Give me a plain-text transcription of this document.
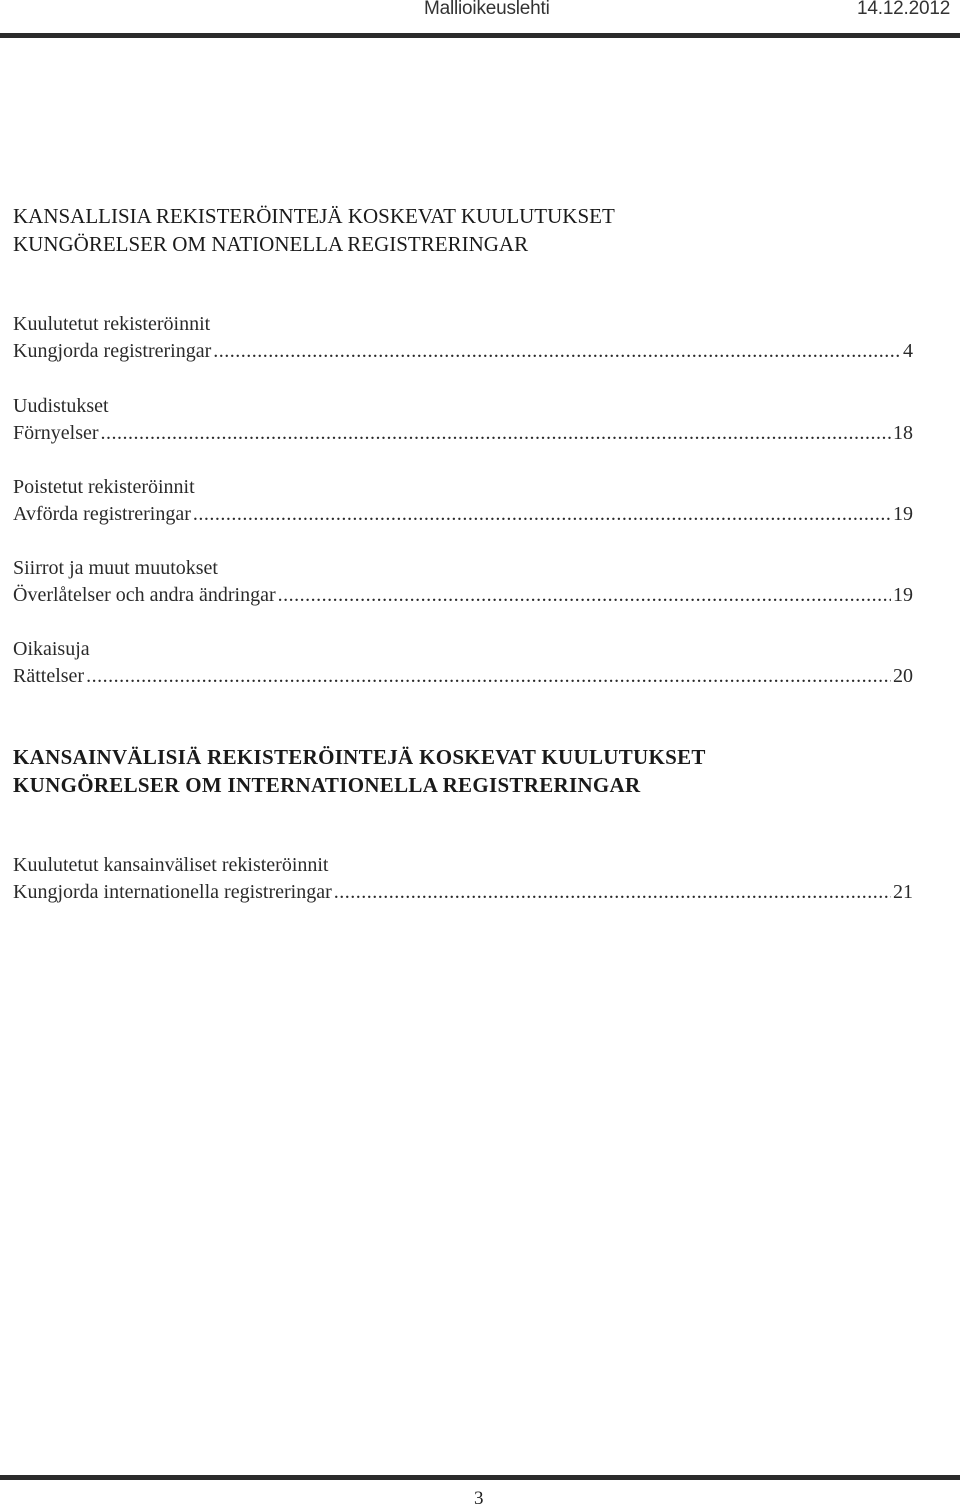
Mallioikeuslehti	14.12.2012
KANSALLISIA REKISTERÖINTEJÄ KOSKEVAT KUULUTUKSET
KUNGÖRELSER OM NATIONELLA REGISTRERINGAR
Kuulutetut rekisteröinnit
Kungjorda registreringar .....	4
Uudistukset
Förnyelser .....	18
Poistetut rekisteröinnit
Avförda registreringar .....	19
Siirrot ja muut muutokset
Överlåtelser och andra ändringar .....	19
Oikaisuja
Rättelser .....	20
KANSAINVÄLISIÄ REKISTERÖINTEJÄ KOSKEVAT KUULUTUKSET
KUNGÖRELSER OM INTERNATIONELLA REGISTRERINGAR
Kuulutetut kansainväliset rekisteröinnit
Kungjorda internationella registreringar .....	21
3
